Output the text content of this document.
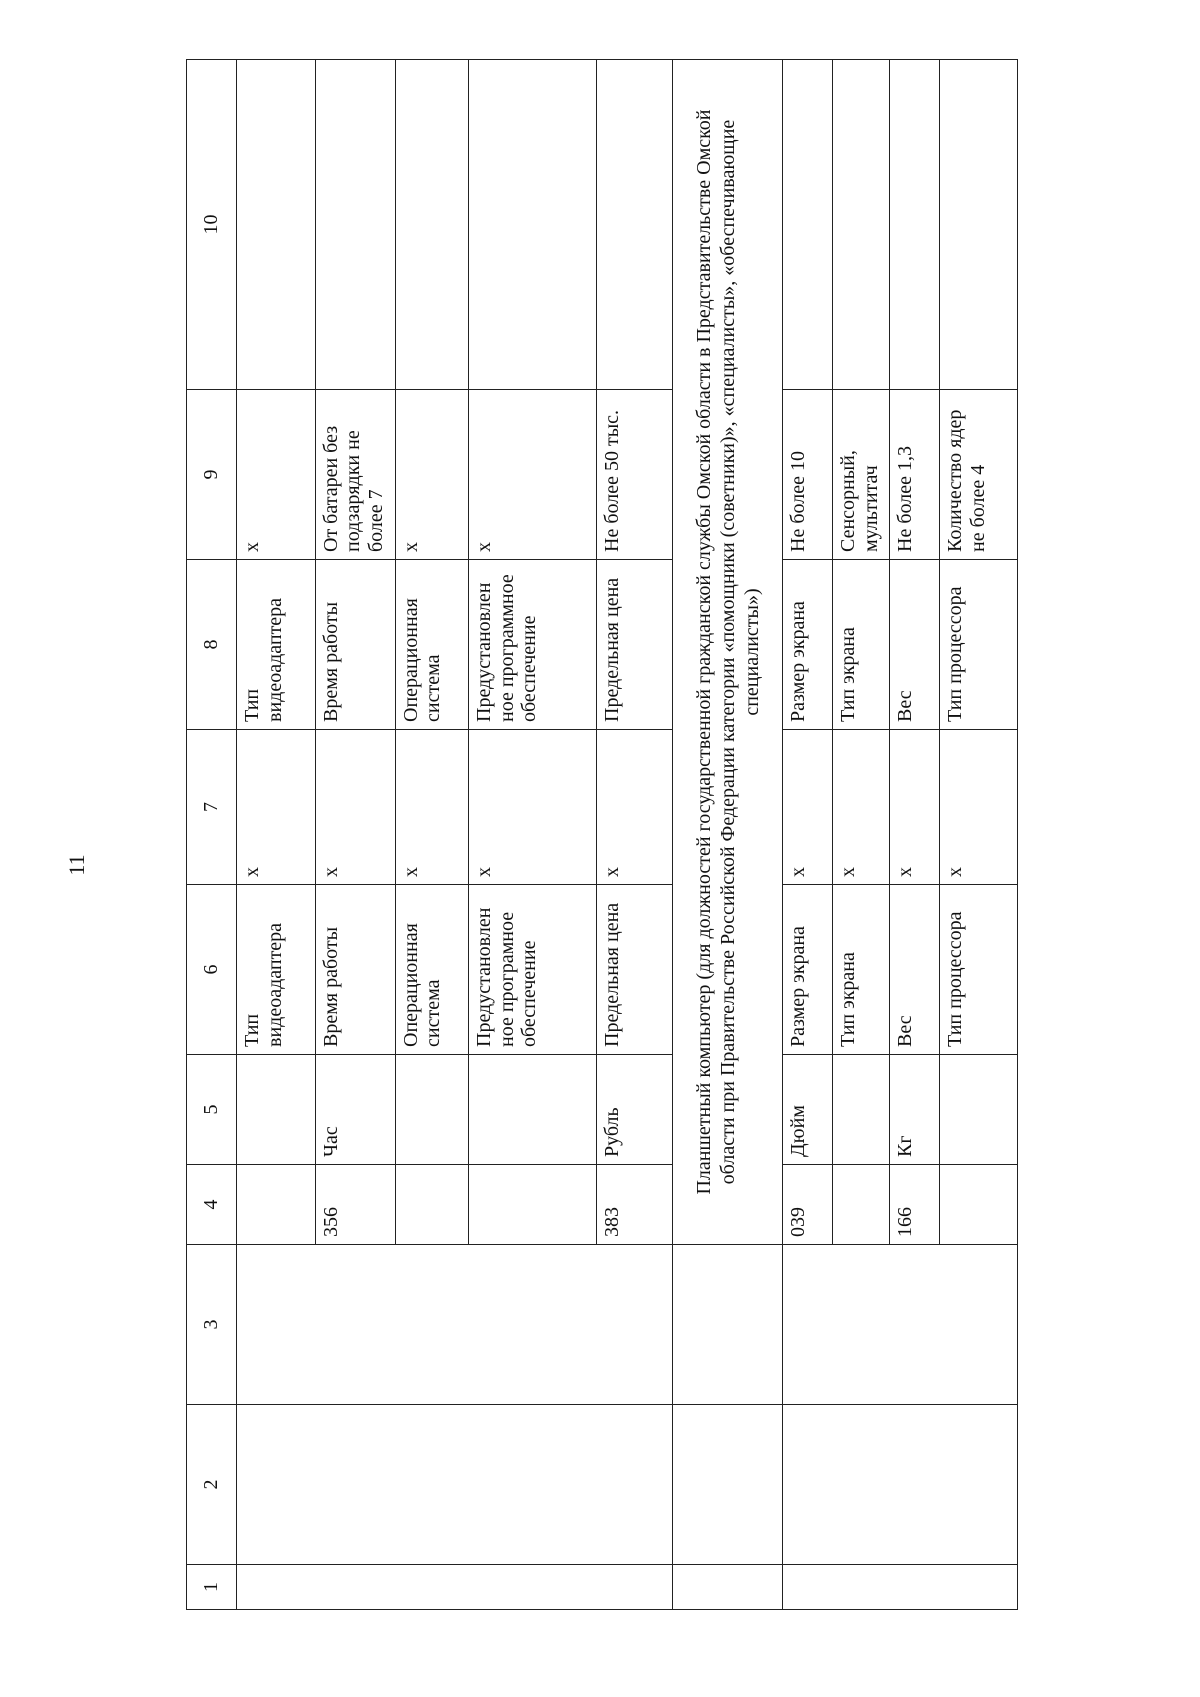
11
1	2	3	4	5	6	7	8	9	10
					Тип видеоадаптера	x	Тип видеоадаптера	x	
			356	Час	Время работы	x	Время работы	От батареи без подзарядки не более 7	
					Операционная система	x	Операционная система	x	
					Предустановлен ное програмное обеспечение	x	Предустановлен ное программное обеспечение	x	
			383	Рубль	Предельная цена	x	Предельная цена	Не более 50 тыс.	
			Планшетный компьютер (для должностей государственной гражданской службы Омской области в Представительстве Омской области при Правительстве Российской Федерации категории «помощники (советники)», «специалисты», «обеспечивающие специалисты»)						
			039	Дюйм	Размер экрана	x	Размер экрана	Не более 10	
					Тип экрана	x	Тип экрана	Сенсорный, мультитач	
			166	Кг	Вес	x	Вес	Не более 1,3	
					Тип процессора	x	Тип процессора	Количество ядер не более 4	
